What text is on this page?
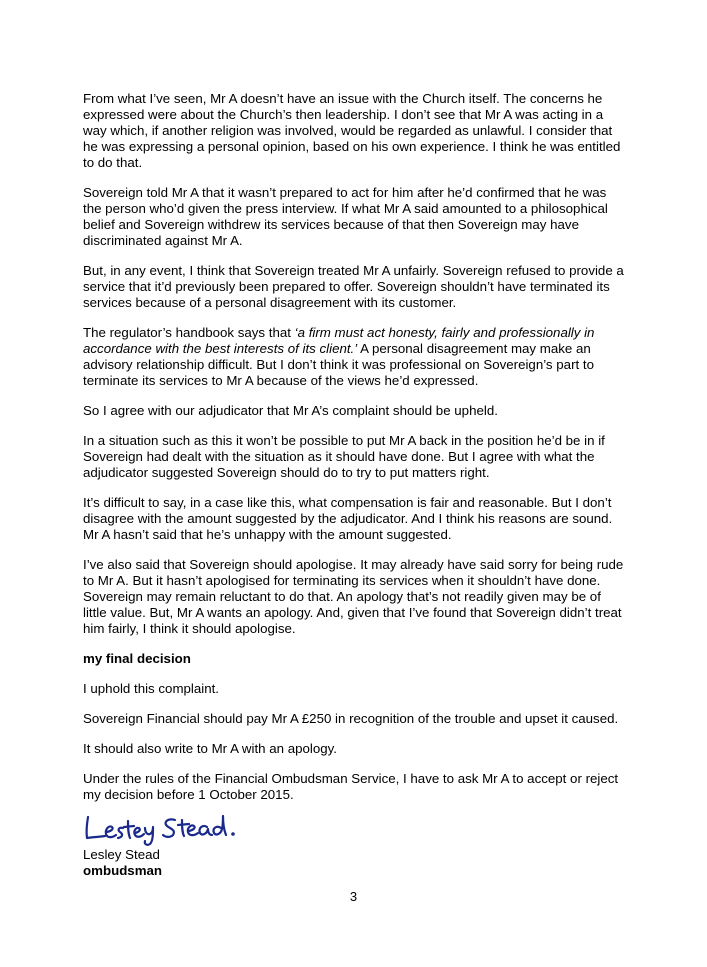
From what I’ve seen, Mr A doesn’t have an issue with the Church itself. The concerns he expressed were about the Church’s then leadership. I don’t see that Mr A was acting in a way which, if another religion was involved, would be regarded as unlawful. I consider that he was expressing a personal opinion, based on his own experience. I think he was entitled to do that.

Sovereign told Mr A that it wasn’t prepared to act for him after he’d confirmed that he was the person who’d given the press interview. If what Mr A said amounted to a philosophical belief and Sovereign withdrew its services because of that then Sovereign may have discriminated against Mr A.

But, in any event, I think that Sovereign treated Mr A unfairly. Sovereign refused to provide a service that it’d previously been prepared to offer. Sovereign shouldn’t have terminated its services because of a personal disagreement with its customer.

The regulator’s handbook says that ‘a firm must act honesty, fairly and professionally in accordance with the best interests of its client.’ A personal disagreement may make an advisory relationship difficult. But I don’t think it was professional on Sovereign’s part to terminate its services to Mr A because of the views he’d expressed.

So I agree with our adjudicator that Mr A’s complaint should be upheld.

In a situation such as this it won’t be possible to put Mr A back in the position he’d be in if Sovereign had dealt with the situation as it should have done. But I agree with what the adjudicator suggested Sovereign should do to try to put matters right.

It’s difficult to say, in a case like this, what compensation is fair and reasonable. But I don’t disagree with the amount suggested by the adjudicator. And I think his reasons are sound. Mr A hasn’t said that he’s unhappy with the amount suggested.

I’ve also said that Sovereign should apologise. It may already have said sorry for being rude to Mr A. But it hasn’t apologised for terminating its services when it shouldn’t have done. Sovereign may remain reluctant to do that. An apology that’s not readily given may be of little value. But, Mr A wants an apology. And, given that I’ve found that Sovereign didn’t treat him fairly, I think it should apologise.

my final decision

I uphold this complaint.

Sovereign Financial should pay Mr A £250 in recognition of the trouble and upset it caused.

It should also write to Mr A with an apology.

Under the rules of the Financial Ombudsman Service, I have to ask Mr A to accept or reject my decision before 1 October 2015.

Lesley Stead
ombudsman
3
